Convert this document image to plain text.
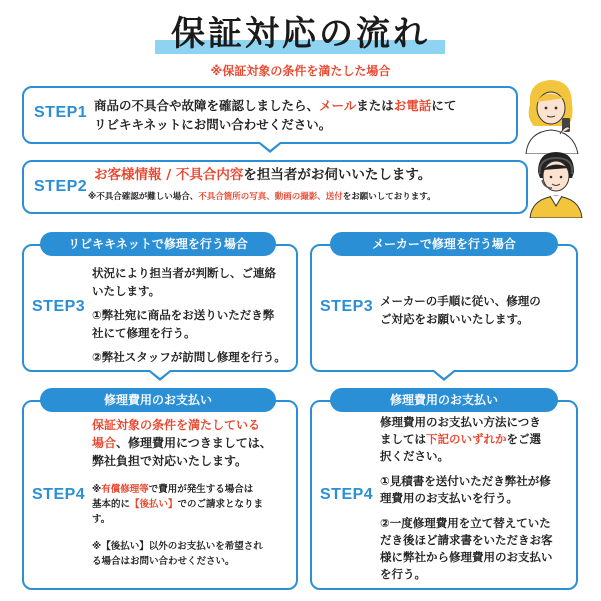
保証対応の流れ
※保証対象の条件を満たした場合
STEP1 商品の不具合や故障を確認しましたら、メールまたはお電話にて
リビキキネットにお問い合わせください。
STEP2
お客様情報 / 不具合内容を担当者がお伺いいたします。
※不具合確認が難しい場合、不具合箇所の写真、動画の撮影、送付をお願いしております。
リビキキネットで修理を行う場合
STEP3
状況により担当者が判断し、ご連絡
いたします。
①弊社宛に商品をお送りいただき弊
社にて修理を行う。
②弊社スタッフが訪問し修理を行う。
メーカーで修理を行う場合
STEP3 メーカーの手順に従い、修理の
ご対応をお願いいたします。
修理費用のお支払い
STEP4
保証対象の条件を満たしている
場合、修理費用につきましては、
弊社負担で対応いたします。
※有償修理等で費用が発生する場合は
基本的に【後払い】でのご請求となりま
す。
※【後払い】以外のお支払いを希望され
る場合はお問い合わせください。
修理費用のお支払い
STEP4
修理費用のお支払い方法につき
ましては下記のいずれかをご選
択ください。
①見積書を送付いただき弊社が修
理費用のお支払いを行う。
②一度修理費用を立て替えていた
だき後ほど請求書をいただきお客
様に弊社から修理費用のお支払い
を行う。
